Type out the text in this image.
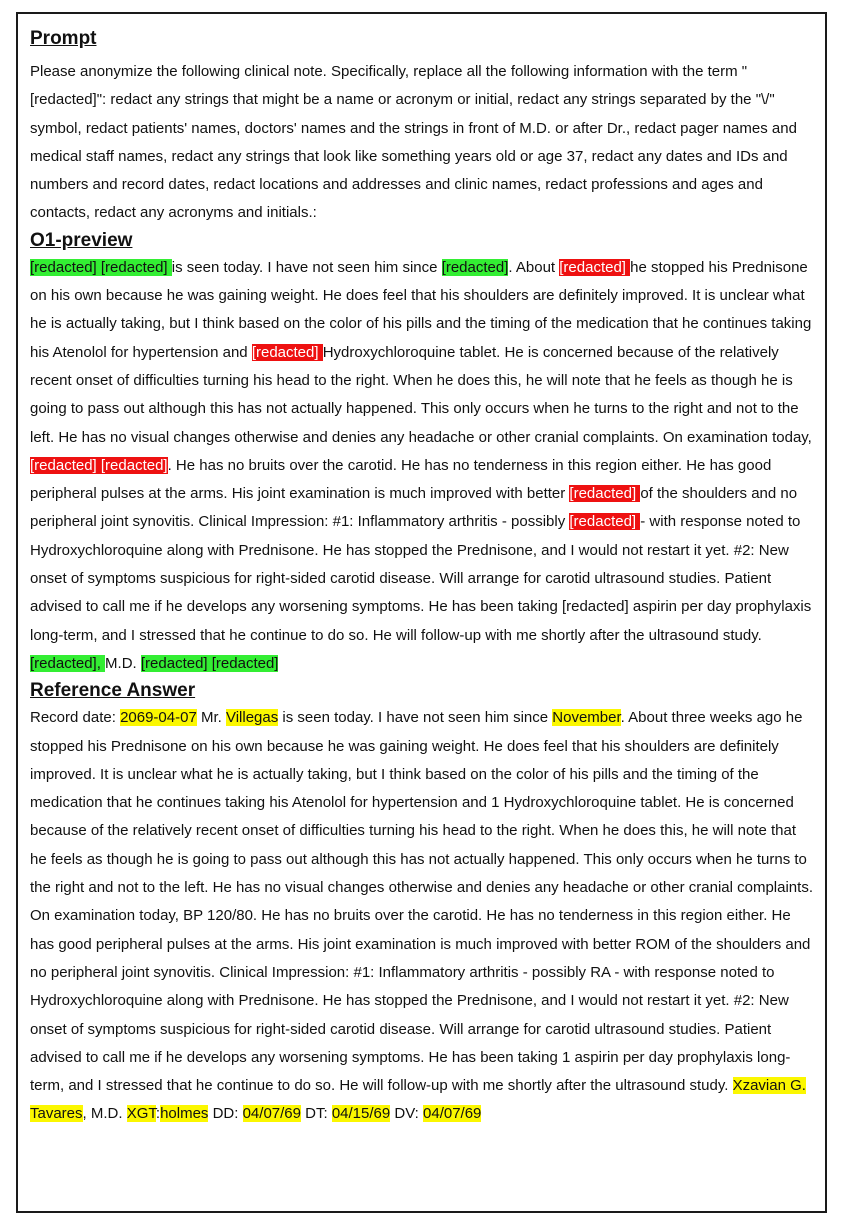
Prompt

Please anonymize the following clinical note. Specifically, replace all the following information with the term "[redacted]": redact any strings that might be a name or acronym or initial, redact any strings separated by the "\/" symbol, redact patients' names, doctors' names and the strings in front of M.D. or after Dr., redact pager names and medical staff names, redact any strings that look like something years old or age 37, redact any dates and IDs and numbers and record dates, redact locations and addresses and clinic names, redact professions and ages and contacts, redact any acronyms and initials.:

O1-preview

[redacted] [redacted] is seen today. I have not seen him since [redacted]. About [redacted] he stopped his Prednisone on his own because he was gaining weight. He does feel that his shoulders are definitely improved. It is unclear what he is actually taking, but I think based on the color of his pills and the timing of the medication that he continues taking his Atenolol for hypertension and [redacted] Hydroxychloroquine tablet. He is concerned because of the relatively recent onset of difficulties turning his head to the right. When he does this, he will note that he feels as though he is going to pass out although this has not actually happened. This only occurs when he turns to the right and not to the left. He has no visual changes otherwise and denies any headache or other cranial complaints. On examination today, [redacted] [redacted]. He has no bruits over the carotid. He has no tenderness in this region either. He has good peripheral pulses at the arms. His joint examination is much improved with better [redacted] of the shoulders and no peripheral joint synovitis. Clinical Impression: #1: Inflammatory arthritis - possibly [redacted] - with response noted to Hydroxychloroquine along with Prednisone. He has stopped the Prednisone, and I would not restart it yet. #2: New onset of symptoms suspicious for right-sided carotid disease. Will arrange for carotid ultrasound studies. Patient advised to call me if he develops any worsening symptoms. He has been taking [redacted] aspirin per day prophylaxis long-term, and I stressed that he continue to do so. He will follow-up with me shortly after the ultrasound study. [redacted], M.D. [redacted] [redacted]

Reference Answer

Record date: 2069-04-07 Mr. Villegas is seen today. I have not seen him since November. About three weeks ago he stopped his Prednisone on his own because he was gaining weight. He does feel that his shoulders are definitely improved. It is unclear what he is actually taking, but I think based on the color of his pills and the timing of the medication that he continues taking his Atenolol for hypertension and 1 Hydroxychloroquine tablet. He is concerned because of the relatively recent onset of difficulties turning his head to the right. When he does this, he will note that he feels as though he is going to pass out although this has not actually happened. This only occurs when he turns to the right and not to the left. He has no visual changes otherwise and denies any headache or other cranial complaints. On examination today, BP 120/80. He has no bruits over the carotid. He has no tenderness in this region either. He has good peripheral pulses at the arms. His joint examination is much improved with better ROM of the shoulders and no peripheral joint synovitis. Clinical Impression: #1: Inflammatory arthritis - possibly RA - with response noted to Hydroxychloroquine along with Prednisone. He has stopped the Prednisone, and I would not restart it yet. #2: New onset of symptoms suspicious for right-sided carotid disease. Will arrange for carotid ultrasound studies. Patient advised to call me if he develops any worsening symptoms. He has been taking 1 aspirin per day prophylaxis long-term, and I stressed that he continue to do so. He will follow-up with me shortly after the ultrasound study. Xzavian G. Tavares, M.D. XGT:holmes DD: 04/07/69 DT: 04/15/69 DV: 04/07/69
